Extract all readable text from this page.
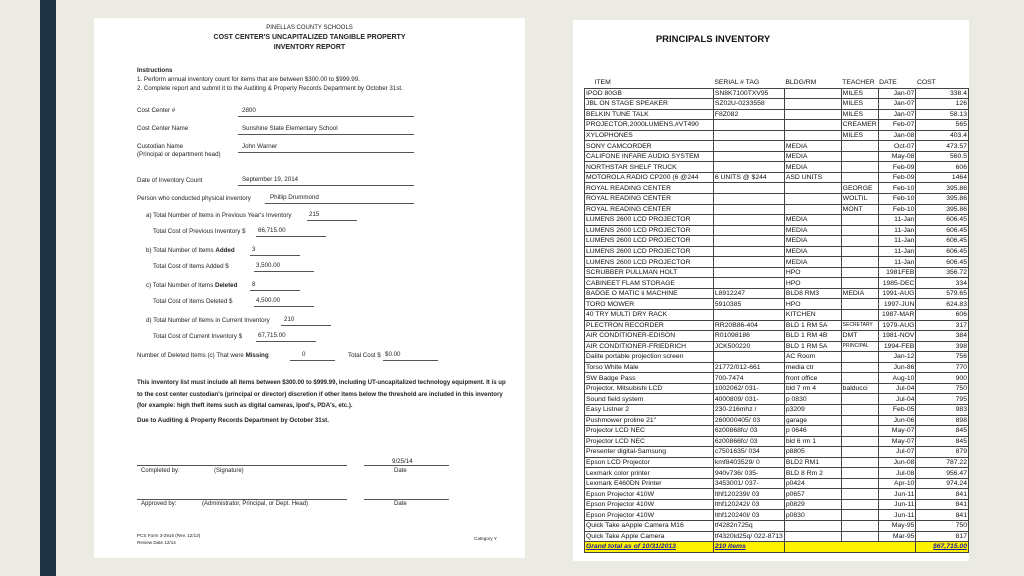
PINELLAS COUNTY SCHOOLS
COST CENTER'S UNCAPITALIZED TANGIBLE PROPERTY
INVENTORY REPORT
Instructions
1. Perform annual inventory count for items that are between $300.00 to $999.99.
2. Complete report and submit it to the Auditing & Property Records Department by October 31st.
Cost Center #	2800
Cost Center Name	Sunshine State Elementary School
Custodian Name
(Principal or department head)
John Warner
Date of Inventory Count	September 19, 2014
Person who conducted physical inventory	Phillip Drummond
a) Total Number of Items in Previous Year's Inventory	215
Total Cost of Previous Inventory $ 66,715.00
b) Total Number of Items Added	3
Total Cost of Items Added $	3,500.00
c) Total Number of Items Deleted 8
Total Cost of Items Deleted $	4,500.00
d) Total Number of Items in Current Inventory 210
Total Cost of Current Inventory $	67,715.00
Number of Deleted Items (c) That were Missing	0	Total Cost $ $0.00
This inventory list must include all items between $300.00 to $999.99, including UT-uncapitalized technology equipment. It is up to the cost center custodian's (principal or director) discretion if other items below the threshold are included in this inventory (for example: high theft items such as digital cameras, Ipod's, PDA's, etc.).
Due to Auditing & Property Records Department by October 31st.
9/25/14
Completed by:	(Signature)	Date
Approved by:	(Administrator, Principal, or Dept. Head)	Date
PCS Form 3-2916 (Rev. 12/13)
Review Date 12/14
Category Y
PRINCIPALS INVENTORY
ITEM	SERIAL # TAG	BLDG/RM	TEACHER	DATE	COST
IPOD 80GB	SN8K7100TXV95		MILES	Jan-07	338.4
JBL ON STAGE SPEAKER	SZ02U-0233558		MILES	Jan-07	126
BELKIN TUNE TALK	F8Z082		MILES	Jan-07	58.13
PROJECTOR,2000LUMENS,#VT490			CREAMER	Feb-07	565
XYLOPHONES			MILES	Jan-08	403.4
SONY CAMCORDER		MEDIA		Oct-07	473.57
CALIFONE INFARE AUDIO SYSTEM		MEDIA		May-08	560.5
NORTHSTAR SHELF TRUCK		MEDIA		Feb-09	606
MOTOROLA RADIO CP200 (6 @244	6 UNITS @ $244	ASD UNITS		Feb-09	1464
ROYAL READING CENTER			GEORGE	Feb-10	395.86
ROYAL READING CENTER			WOLTIL	Feb-10	395.86
ROYAL READING CENTER			MONT	Feb-10	395.86
LUMENS 2600 LCD PROJECTOR		MEDIA		11-Jan	606.45
LUMENS 2600 LCD PROJECTOR		MEDIA		11-Jan	606.45
LUMENS 2600 LCD PROJECTOR		MEDIA		11-Jan	606.45
LUMENS 2600 LCD PROJECTOR		MEDIA		11-Jan	606.45
LUMENS 2600 LCD PROJECTOR		MEDIA		11-Jan	606.45
SCRUBBER PULLMAN HOLT		HPO		1981FEB	356.72
CABINEET FLAM STORAGE		HPO		1985-DEC	334
BADGE O MATIC ii MACHINE	L8912247	BLD8 RM3	MEDIA	1991-AUG	579.65
TORO MOWER	5910385	HPO		1997-JUN	624.83
40 TRY MULTI DRY RACK		KITCHEN		1987-MAR	606
PLECTRON RECORDER	RR20B86-404	BLD 1 RM 5A	SECRETARY	1979-AUG	317
AIR CONDITIONER-EDISON	R01098186	BLD 1 RM 4B	DMT	1981-NOV	384
AIR CONDITIONER-FRIEDRICH	JCK500220	BLD 1 RM 5A	PRINCIPAL	1994-FEB	398
Dalite portable projection screen		AC Room		Jan-12	756
Torso White Male	21772/012-661	media ctr		Jun-86	770
SW Badge Pass	700-7474	front office		Aug-10	900
Projector, Mitsubishi LCD	1002062/ 031-	bld 7 rm 4	balducci	Jul-04	750
Sound field system	4000809/ 031-	p 0830		Jul-04	795
Easy Listner 2	230-216mhz /	p3209		Feb-05	983
Pushmower proline 21"	260000405/ 03	garage		Jun-06	898
Projector LCD NEC	6z00868fc/ 03	p 0646		May-07	845
Projector LCD NEC	6z00866fc/ 03	bld 6 rm 1		May-07	845
Presenter digital-Samsung	c7501635/ 034	p8805		Jul-07	879
Epson LCD Projector	kmf8403529/ 0	BLD2 RM1		Jun-08	787.22
Lexmark color printer	940v736/ 035-	BLD 8 Rm 2		Jul-08	956.47
Lexmark E460DN Printer	3453001/ 037-	p0424		Apr-10	974.24
Epson Projector 410W	lthf120239l/ 03	p0657		Jun-11	841
Epson Projector 410W	lthf120242l/ 03	p0829		Jun-11	841
Epson Projector 410W	lthf120240l/ 03	p0830		Jun-11	841
Quick Take aApple Camera M16	tf4282n725q			May-95	750
Quick Take Apple Camera	tf4320ld25q/ 022-8713			Mar-95	817
Grand total as of 10/31/2013	210 items				$67,715.00
